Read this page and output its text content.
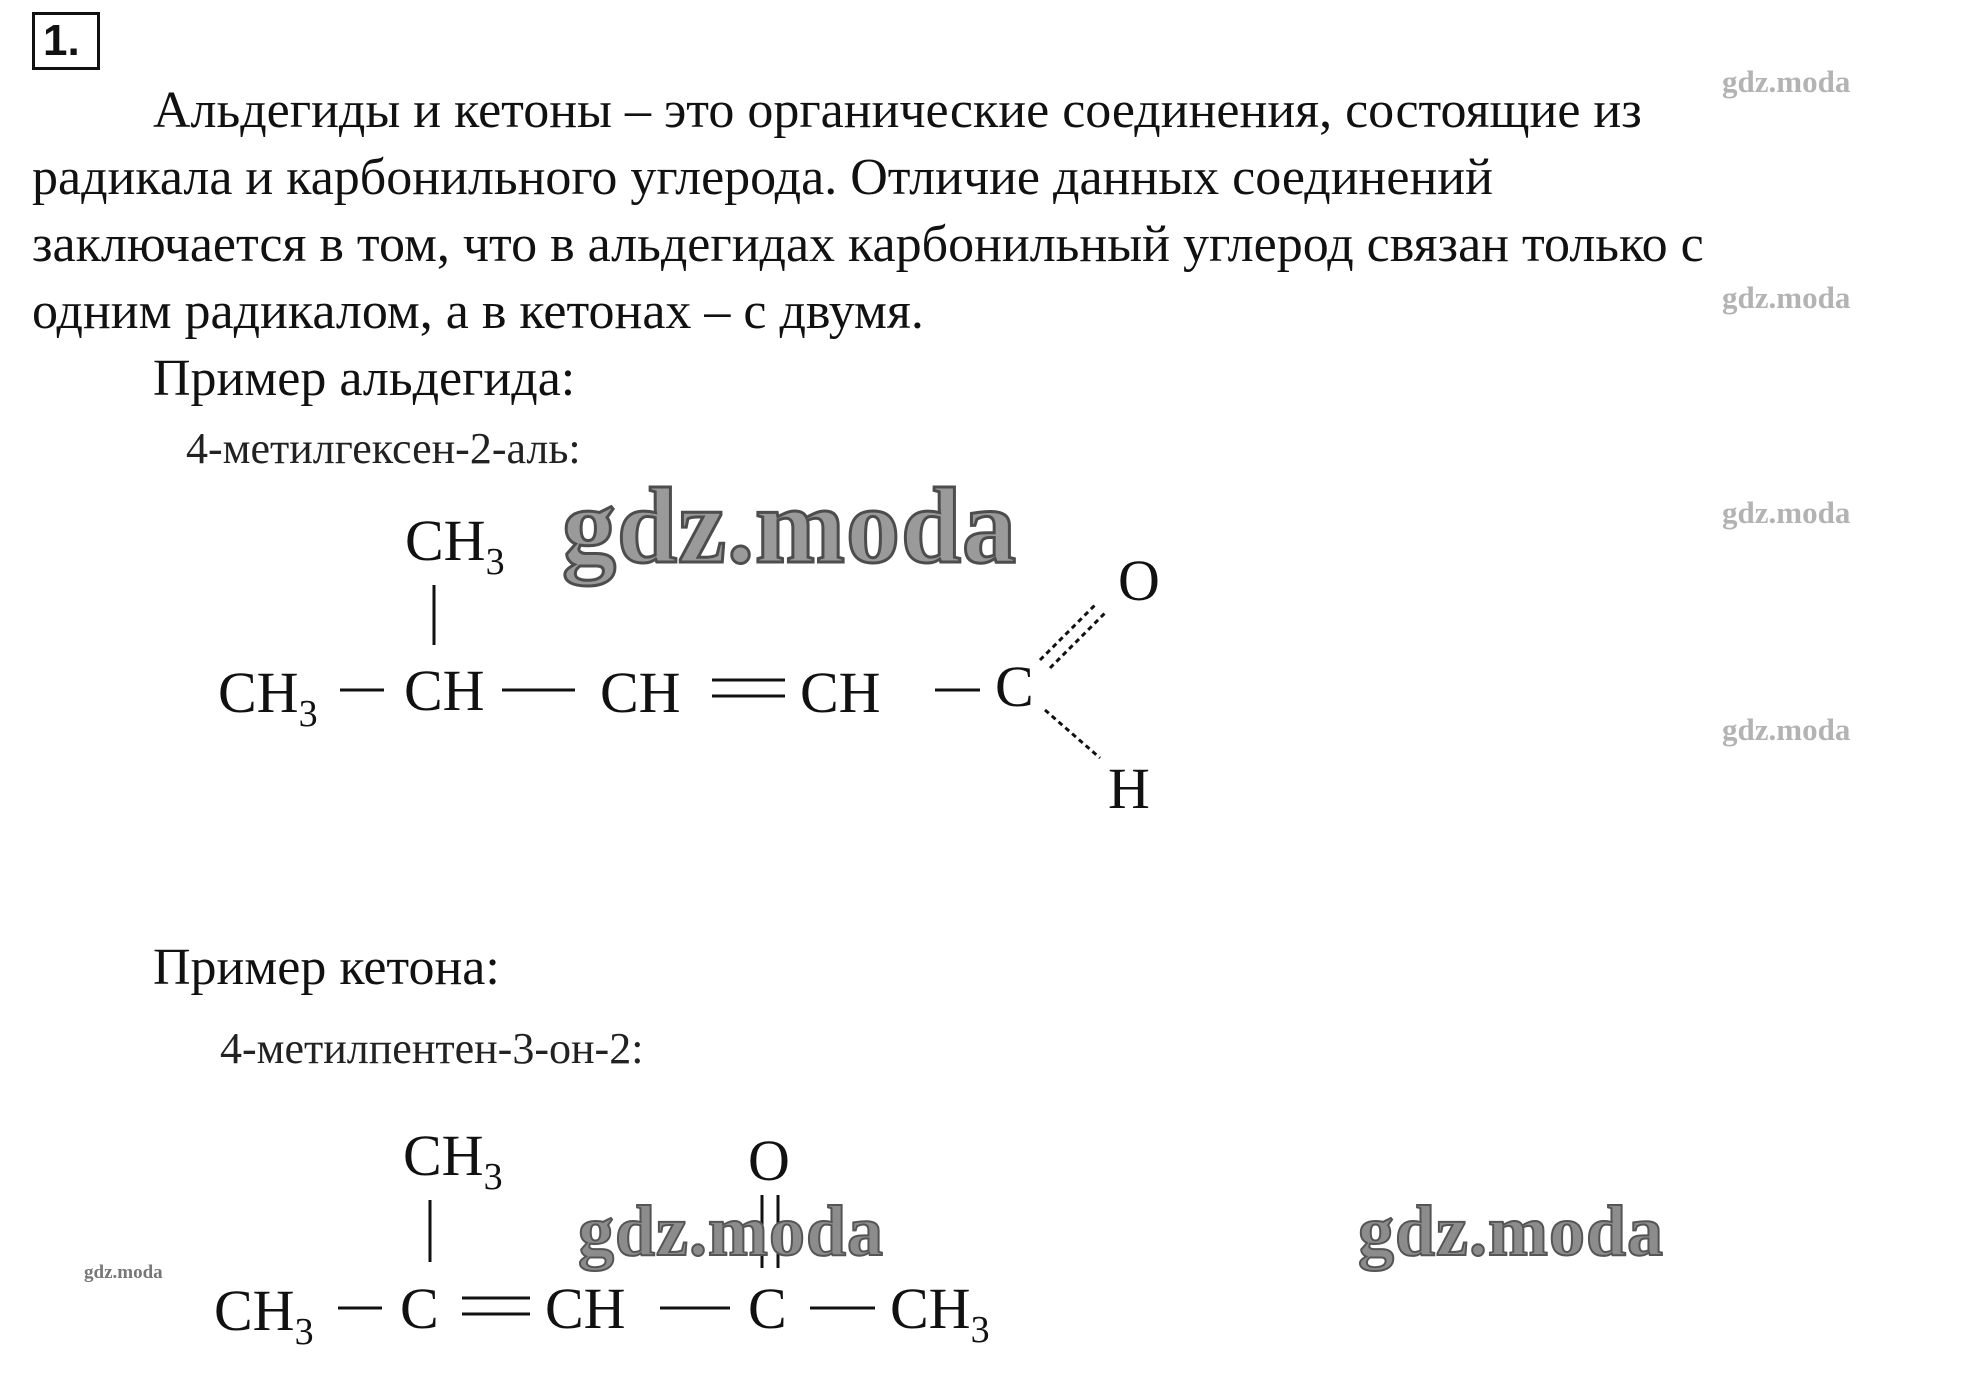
1.
Альдегиды и кетоны – это органические соединения, состоящие из
радикала и карбонильного углерода. Отличие данных соединений
заключается в том, что в альдегидах карбонильный углерод связан только с
одним радикалом, а в кетонах – с двумя.
Пример альдегида:
4-метилгексен-2-аль:
$CH_3$
$CH_3$ CH CH CH C
O
H
Пример кетона:
4-метилпентен-3-он-2:
$CH_3$	O
$CH_3$ C CH C $CH_3$
gdz.moda
gdz.moda
gdz.moda
gdz.moda
gdz.moda
gdz.moda	gdz.moda
gdz.moda
